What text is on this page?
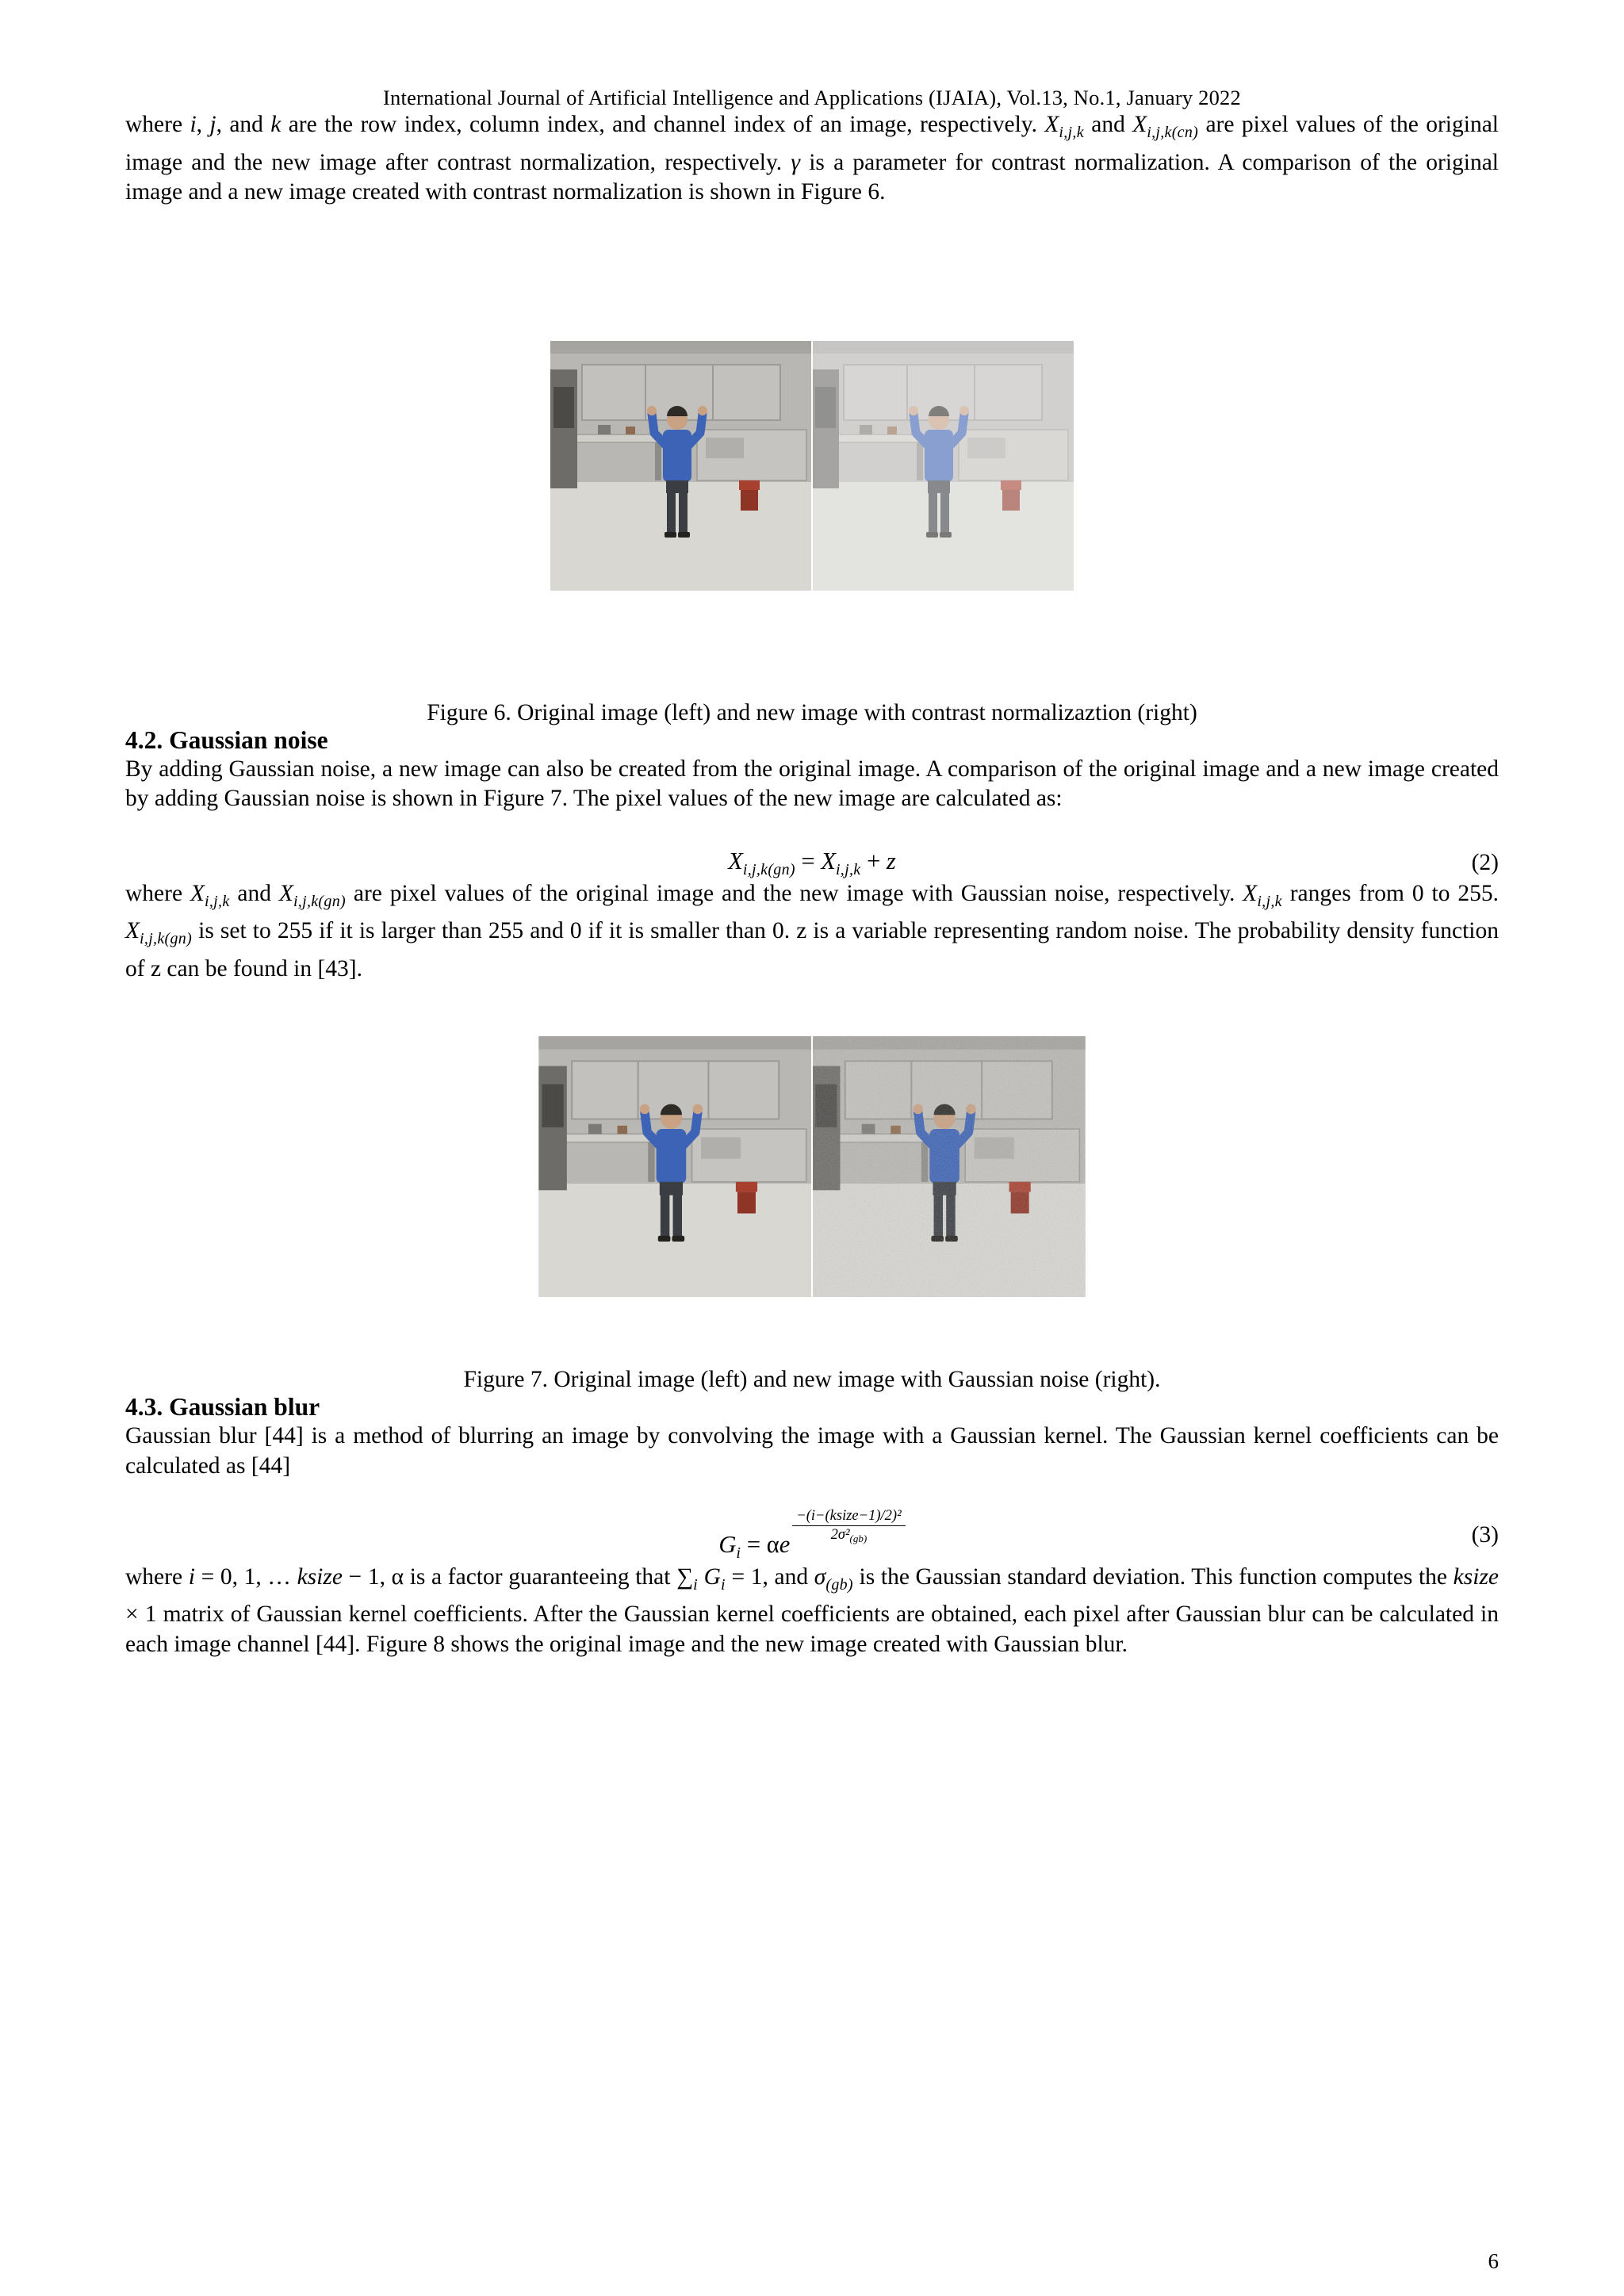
International Journal of Artificial Intelligence and Applications (IJAIA), Vol.13, No.1, January 2022

where i, j, and k are the row index, column index, and channel index of an image, respectively. $X_{i,j,k}$ and $X_{i,j,k(cn)}$ are pixel values of the original image and the new image after contrast normalization, respectively. γ is a parameter for contrast normalization. A comparison of the original image and a new image created with contrast normalization is shown in Figure 6.

Figure 6. Original image (left) and new image with contrast normalizaztion (right)
4.2. Gaussian noise

By adding Gaussian noise, a new image can also be created from the original image. A comparison of the original image and a new image created by adding Gaussian noise is shown in Figure 7. The pixel values of the new image are calculated as:

$X_{i,j,k(gn)} = X_{i,j,k} + z$	(2)

where $X_{i,j,k}$ and $X_{i,j,k(gn)}$ are pixel values of the original image and the new image with Gaussian noise, respectively. $X_{i,j,k}$ ranges from 0 to 255. $X_{i,j,k(gn)}$ is set to 255 if it is larger than 255 and 0 if it is smaller than 0. z is a variable representing random noise. The probability density function of z can be found in [43].

Figure 7. Original image (left) and new image with Gaussian noise (right).
4.3. Gaussian blur

Gaussian blur [44] is a method of blurring an image by convolving the image with a Gaussian kernel. The Gaussian kernel coefficients can be calculated as [44]

$G_i = \alpha e \frac{\text{−(i−(ksize−1)/2)²}}{2\sigma^2_{(gb)}}$	(3)

where i = 0, 1, … ksize − 1, α is a factor guaranteeing that $\sum_i$ $G_i = 1$, and $\sigma_{(gb)}$ is the Gaussian standard deviation. This function computes the ksize × 1 matrix of Gaussian kernel coefficients. After the Gaussian kernel coefficients are obtained, each pixel after Gaussian blur can be calculated in each image channel [44]. Figure 8 shows the original image and the new image created with Gaussian blur.

6
